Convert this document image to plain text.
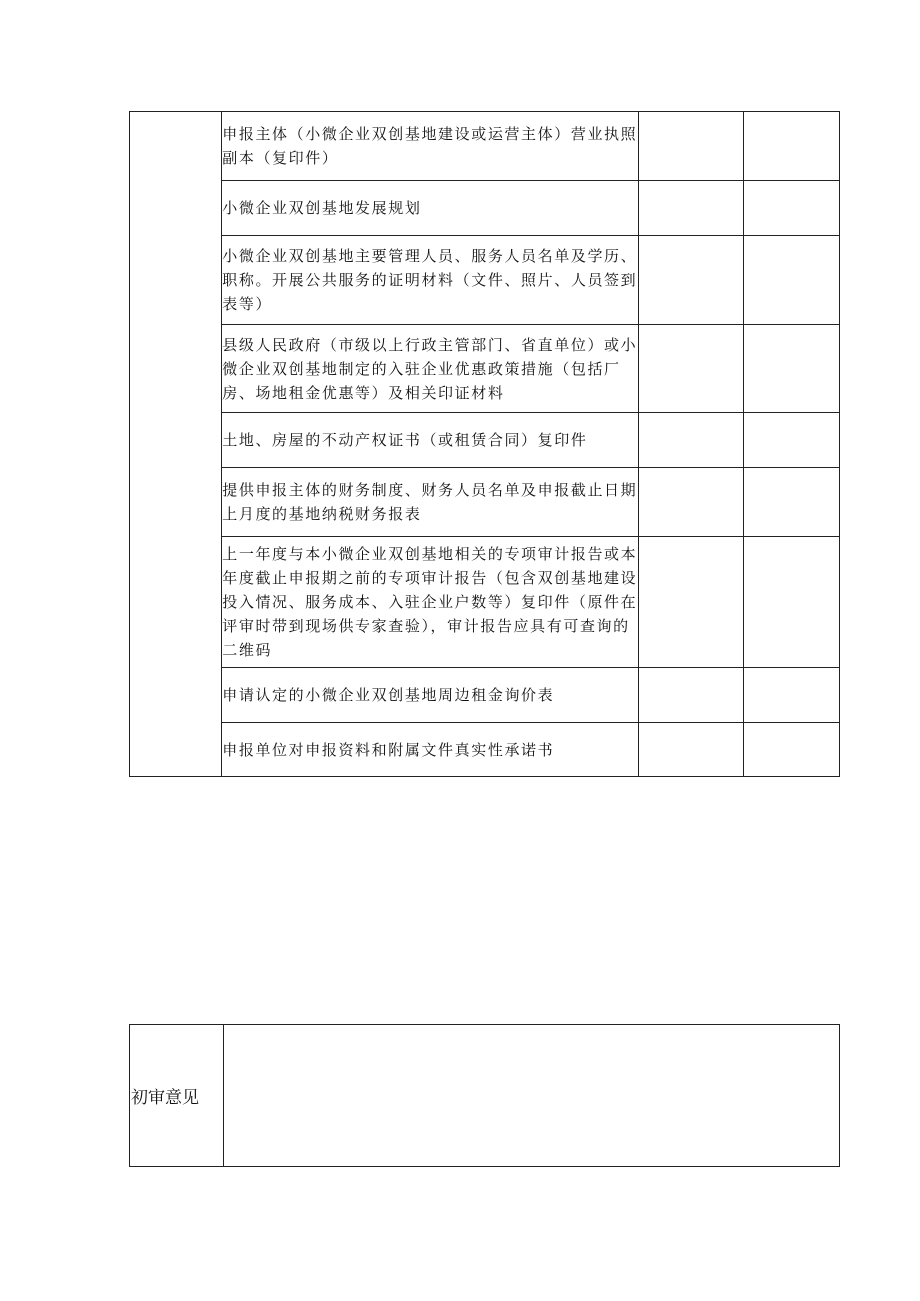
	申报主体（小微企业双创基地建设或运营主体）营业执照副本（复印件）		
	小微企业双创基地发展规划		
	小微企业双创基地主要管理人员、服务人员名单及学历、职称。开展公共服务的证明材料（文件、照片、人员签到表等）		
	县级人民政府（市级以上行政主管部门、省直单位）或小微企业双创基地制定的入驻企业优惠政策措施（包括厂房、场地租金优惠等）及相关印证材料		
	土地、房屋的不动产权证书（或租赁合同）复印件		
	提供申报主体的财务制度、财务人员名单及申报截止日期上月度的基地纳税财务报表		
	上一年度与本小微企业双创基地相关的专项审计报告或本年度截止申报期之前的专项审计报告（包含双创基地建设投入情况、服务成本、入驻企业户数等）复印件（原件在评审时带到现场供专家查验），审计报告应具有可查询的二维码		
	申请认定的小微企业双创基地周边租金询价表		
	申报单位对申报资料和附属文件真实性承诺书		
初审意见	
